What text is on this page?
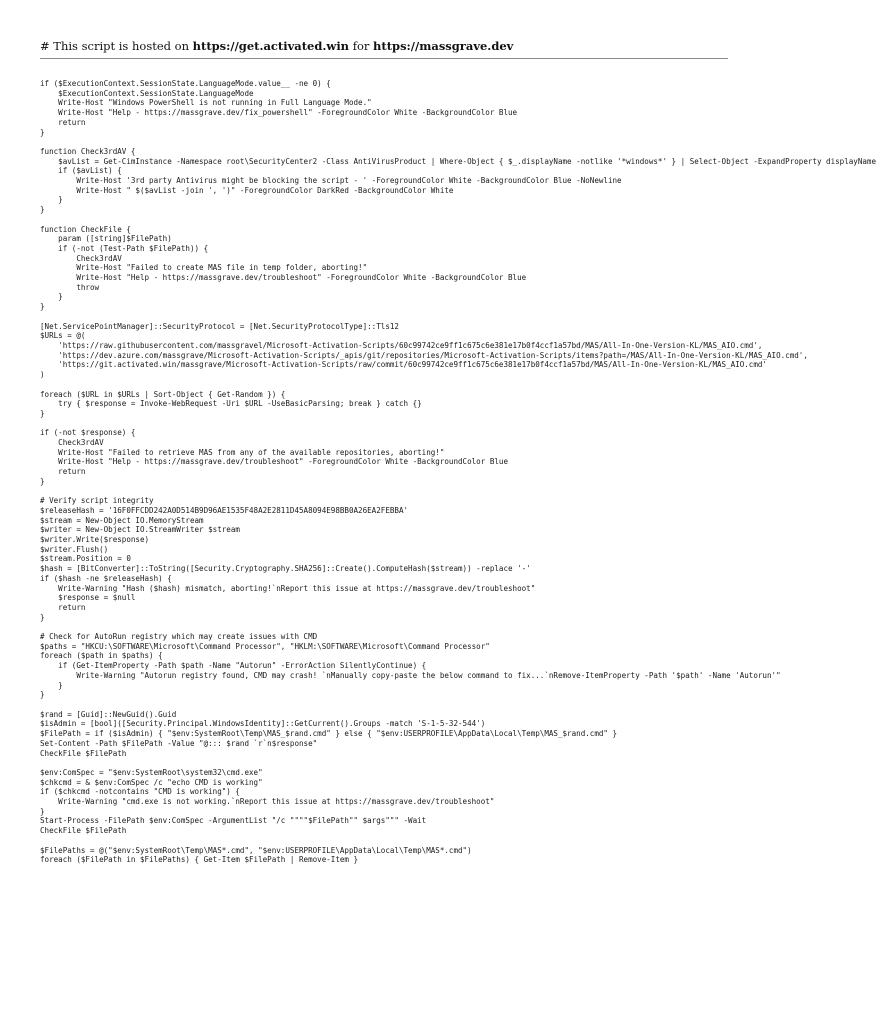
# This script is hosted on https://get.activated.win for https://massgrave.dev
if ($ExecutionContext.SessionState.LanguageMode.value__ -ne 0) {
$ExecutionContext.SessionState.LanguageMode
Write-Host "Windows PowerShell is not running in Full Language Mode."
Write-Host "Help - https://massgrave.dev/fix_powershell" -ForegroundColor White -BackgroundColor Blue
return
}

function Check3rdAV {
$avList = Get-CimInstance -Namespace root\SecurityCenter2 -Class AntiVirusProduct | Where-Object { $_.displayName -notlike '*windows*' } | Select-Object -ExpandProperty displayName
if ($avList) {
Write-Host '3rd party Antivirus might be blocking the script - ' -ForegroundColor White -BackgroundColor Blue -NoNewline
Write-Host " $($avList -join ', ')" -ForegroundColor DarkRed -BackgroundColor White
}
}

function CheckFile {
param ([string]$FilePath)
if (-not (Test-Path $FilePath)) {
Check3rdAV
Write-Host "Failed to create MAS file in temp folder, aborting!"
Write-Host "Help - https://massgrave.dev/troubleshoot" -ForegroundColor White -BackgroundColor Blue
throw
}
}

[Net.ServicePointManager]::SecurityProtocol = [Net.SecurityProtocolType]::Tls12
$URLs = @(
'https://raw.githubusercontent.com/massgravel/Microsoft-Activation-Scripts/60c99742ce9ff1c675c6e381e17b0f4ccf1a57bd/MAS/All-In-One-Version-KL/MAS_AIO.cmd',
'https://dev.azure.com/massgrave/Microsoft-Activation-Scripts/_apis/git/repositories/Microsoft-Activation-Scripts/items?path=/MAS/All-In-One-Version-KL/MAS_AIO.cmd',
'https://git.activated.win/massgrave/Microsoft-Activation-Scripts/raw/commit/60c99742ce9ff1c675c6e381e17b0f4ccf1a57bd/MAS/All-In-One-Version-KL/MAS_AIO.cmd'
)

foreach ($URL in $URLs | Sort-Object { Get-Random }) {
try { $response = Invoke-WebRequest -Uri $URL -UseBasicParsing; break } catch {}
}

if (-not $response) {
Check3rdAV
Write-Host "Failed to retrieve MAS from any of the available repositories, aborting!"
Write-Host "Help - https://massgrave.dev/troubleshoot" -ForegroundColor White -BackgroundColor Blue
return
}

# Verify script integrity
$releaseHash = '16F0FFCDD242A0D514B9D96AE1535F48A2E2811D45A8094E98BB0A26EA2FEBBA'
$stream = New-Object IO.MemoryStream
$writer = New-Object IO.StreamWriter $stream
$writer.Write($response)
$writer.Flush()
$stream.Position = 0
$hash = [BitConverter]::ToString([Security.Cryptography.SHA256]::Create().ComputeHash($stream)) -replace '-'
if ($hash -ne $releaseHash) {
Write-Warning "Hash ($hash) mismatch, aborting!`nReport this issue at https://massgrave.dev/troubleshoot"
$response = $null
return
}

# Check for AutoRun registry which may create issues with CMD
$paths = "HKCU:\SOFTWARE\Microsoft\Command Processor", "HKLM:\SOFTWARE\Microsoft\Command Processor"
foreach ($path in $paths) {
if (Get-ItemProperty -Path $path -Name "Autorun" -ErrorAction SilentlyContinue) {
Write-Warning "Autorun registry found, CMD may crash! `nManually copy-paste the below command to fix...`nRemove-ItemProperty -Path '$path' -Name 'Autorun'"
}
}

$rand = [Guid]::NewGuid().Guid
$isAdmin = [bool]([Security.Principal.WindowsIdentity]::GetCurrent().Groups -match 'S-1-5-32-544')
$FilePath = if ($isAdmin) { "$env:SystemRoot\Temp\MAS_$rand.cmd" } else { "$env:USERPROFILE\AppData\Local\Temp\MAS_$rand.cmd" }
Set-Content -Path $FilePath -Value "@::: $rand `r`n$response"
CheckFile $FilePath

$env:ComSpec = "$env:SystemRoot\system32\cmd.exe"
$chkcmd = & $env:ComSpec /c "echo CMD is working"
if ($chkcmd -notcontains "CMD is working") {
Write-Warning "cmd.exe is not working.`nReport this issue at https://massgrave.dev/troubleshoot"
}
Start-Process -FilePath $env:ComSpec -ArgumentList "/c """"$FilePath"" $args""" -Wait
CheckFile $FilePath

$FilePaths = @("$env:SystemRoot\Temp\MAS*.cmd", "$env:USERPROFILE\AppData\Local\Temp\MAS*.cmd")
foreach ($FilePath in $FilePaths) { Get-Item $FilePath | Remove-Item }
